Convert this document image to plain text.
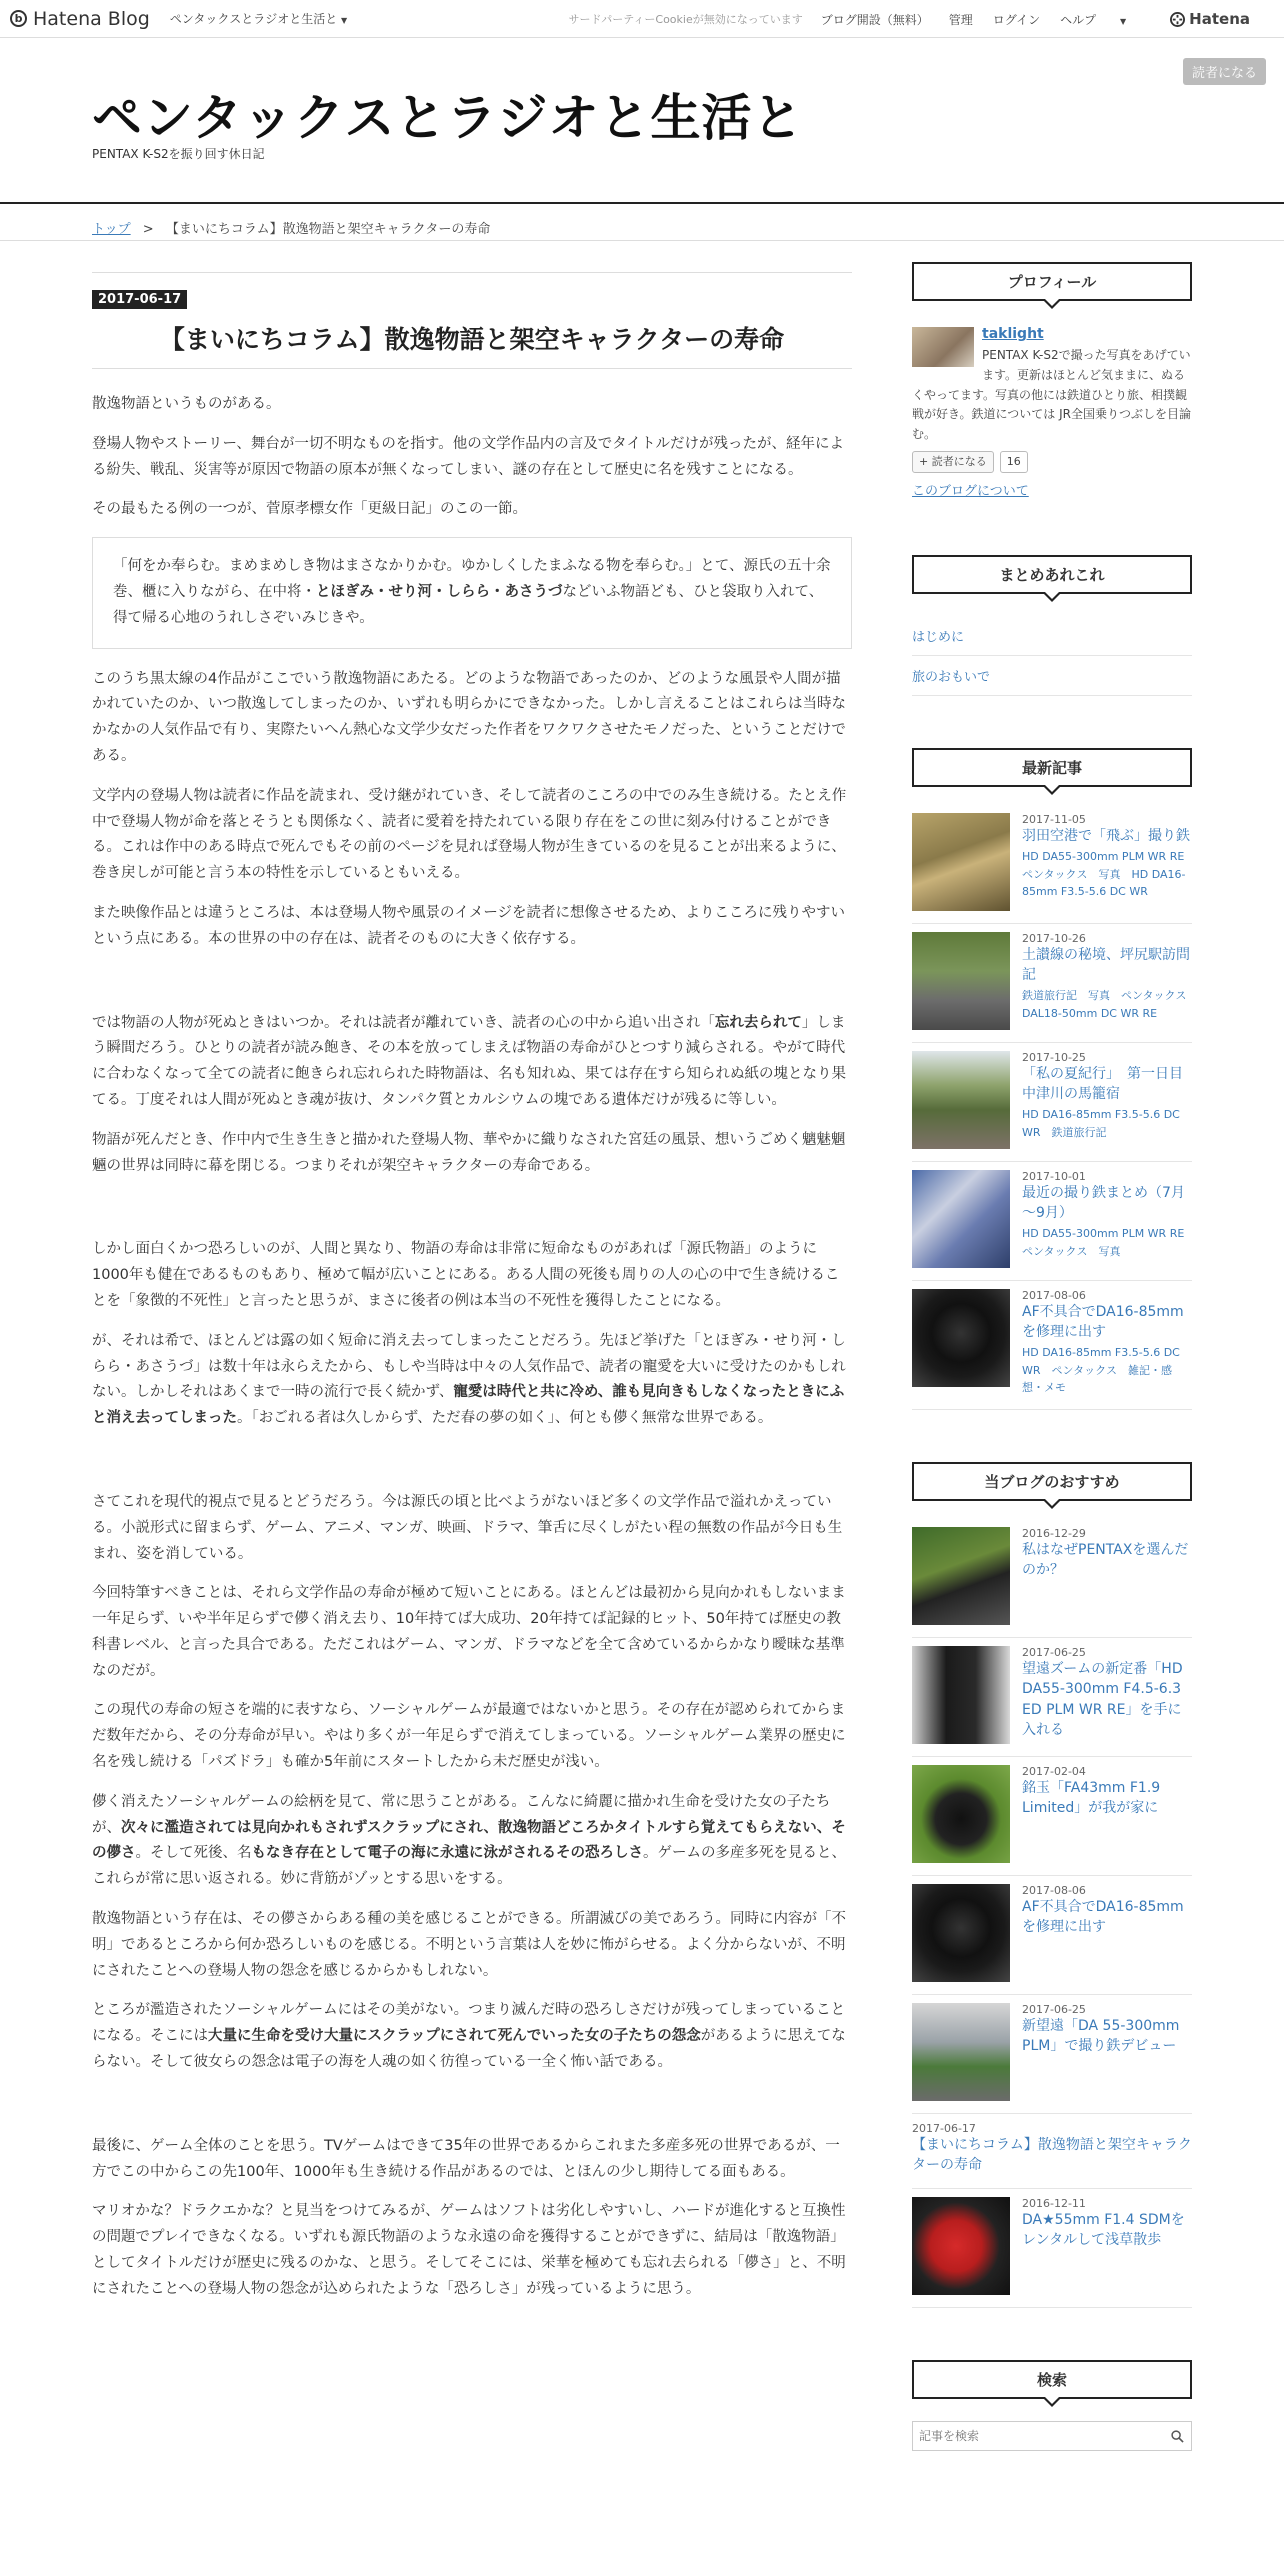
b Hatena Blog ペンタックスとラジオと生活と ▼	サードパーティーCookieが無効になっています ブログ開設（無料） 管理 ログイン ヘルプ	▼	Hatena
読者になる
ペンタックスとラジオと生活と
PENTAX K-S2を振り回す休日記
トップ > 【まいにちコラム】散逸物語と架空キャラクターの寿命
2017-06-17
【まいにちコラム】散逸物語と架空キャラクターの寿命

散逸物語というものがある。

登場人物やストーリー、舞台が一切不明なものを指す。他の文学作品内の言及でタイトルだけが残ったが、経年による紛失、戦乱、災害等が原因で物語の原本が無くなってしまい、謎の存在として歴史に名を残すことになる。

その最もたる例の一つが、菅原孝標女作「更級日記」のこの一節。

「何をか奉らむ。まめまめしき物はまさなかりかむ。ゆかしくしたまふなる物を奉らむ。」とて、源氏の五十余巻、櫃に入りながら、在中将・とほぎみ・せり河・しらら・あさうづなどいふ物語ども、ひと袋取り入れて、得て帰る心地のうれしさぞいみじきや。

このうち黒太線の4作品がここでいう散逸物語にあたる。どのような物語であったのか、どのような風景や人間が描かれていたのか、いつ散逸してしまったのか、いずれも明らかにできなかった。しかし言えることはこれらは当時なかなかの人気作品で有り、実際たいへん熱心な文学少女だった作者をワクワクさせたモノだった、ということだけである。

文学内の登場人物は読者に作品を読まれ、受け継がれていき、そして読者のこころの中でのみ生き続ける。たとえ作中で登場人物が命を落とそうとも関係なく、読者に愛着を持たれている限り存在をこの世に刻み付けることができる。これは作中のある時点で死んでもその前のページを見れば登場人物が生きているのを見ることが出来るように、巻き戻しが可能と言う本の特性を示しているともいえる。

また映像作品とは違うところは、本は登場人物や風景のイメージを読者に想像させるため、よりこころに残りやすいという点にある。本の世界の中の存在は、読者そのものに大きく依存する。

では物語の人物が死ぬときはいつか。それは読者が離れていき、読者の心の中から追い出され「忘れ去られて」しまう瞬間だろう。ひとりの読者が読み飽き、その本を放ってしまえば物語の寿命がひとつすり減らされる。やがて時代に合わなくなって全ての読者に飽きられ忘れられた時物語は、名も知れぬ、果ては存在すら知られぬ紙の塊となり果てる。丁度それは人間が死ぬとき魂が抜け、タンパク質とカルシウムの塊である遺体だけが残るに等しい。

物語が死んだとき、作中内で生き生きと描かれた登場人物、華やかに織りなされた宮廷の風景、想いうごめく魑魅魍魎の世界は同時に幕を閉じる。つまりそれが架空キャラクターの寿命である。

しかし面白くかつ恐ろしいのが、人間と異なり、物語の寿命は非常に短命なものがあれば「源氏物語」のように1000年も健在であるものもあり、極めて幅が広いことにある。ある人間の死後も周りの人の心の中で生き続けることを「象徴的不死性」と言ったと思うが、まさに後者の例は本当の不死性を獲得したことになる。

が、それは希で、ほとんどは露の如く短命に消え去ってしまったことだろう。先ほど挙げた「とほぎみ・せり河・しらら・あさうづ」は数十年は永らえたから、もしや当時は中々の人気作品で、読者の寵愛を大いに受けたのかもしれない。しかしそれはあくまで一時の流行で長く続かず、寵愛は時代と共に冷め、誰も見向きもしなくなったときにふと消え去ってしまった。「おごれる者は久しからず、ただ春の夢の如く」、何とも儚く無常な世界である。

さてこれを現代的視点で見るとどうだろう。今は源氏の頃と比べようがないほど多くの文学作品で溢れかえっている。小説形式に留まらず、ゲーム、アニメ、マンガ、映画、ドラマ、筆舌に尽くしがたい程の無数の作品が今日も生まれ、姿を消している。

今回特筆すべきことは、それら文学作品の寿命が極めて短いことにある。ほとんどは最初から見向かれもしないまま一年足らず、いや半年足らずで儚く消え去り、10年持てば大成功、20年持てば記録的ヒット、50年持てば歴史の教科書レベル、と言った具合である。ただこれはゲーム、マンガ、ドラマなどを全て含めているからかなり曖昧な基準なのだが。

この現代の寿命の短さを端的に表すなら、ソーシャルゲームが最適ではないかと思う。その存在が認められてからまだ数年だから、その分寿命が早い。やはり多くが一年足らずで消えてしまっている。ソーシャルゲーム業界の歴史に名を残し続ける「パズドラ」も確か5年前にスタートしたから未だ歴史が浅い。

儚く消えたソーシャルゲームの絵柄を見て、常に思うことがある。こんなに綺麗に描かれ生命を受けた女の子たちが、次々に濫造されては見向かれもされずスクラップにされ、散逸物語どころかタイトルすら覚えてもらえない、その儚さ。そして死後、名もなき存在として電子の海に永遠に泳がされるその恐ろしさ。ゲームの多産多死を見ると、これらが常に思い返される。妙に背筋がゾッとする思いをする。

散逸物語という存在は、その儚さからある種の美を感じることができる。所謂滅びの美であろう。同時に内容が「不明」であるところから何か恐ろしいものを感じる。不明という言葉は人を妙に怖がらせる。よく分からないが、不明にされたことへの登場人物の怨念を感じるからかもしれない。

ところが濫造されたソーシャルゲームにはその美がない。つまり滅んだ時の恐ろしさだけが残ってしまっていることになる。そこには大量に生命を受け大量にスクラップにされて死んでいった女の子たちの怨念があるように思えてならない。そして彼女らの怨念は電子の海を人魂の如く彷徨っている一全く怖い話である。

最後に、ゲーム全体のことを思う。TVゲームはできて35年の世界であるからこれまた多産多死の世界であるが、一方でこの中からこの先100年、1000年も生き続ける作品があるのでは、とほんの少し期待してる面もある。

マリオかな？ドラクエかな？と見当をつけてみるが、ゲームはソフトは劣化しやすいし、ハードが進化すると互換性の問題でプレイできなくなる。いずれも源氏物語のような永遠の命を獲得することができずに、結局は「散逸物語」としてタイトルだけが歴史に残るのかな、と思う。そしてそこには、栄華を極めても忘れ去られる「儚さ」と、不明にされたことへの登場人物の怨念が込められたような「恐ろしさ」が残っているように思う。

プロフィール
taklight
PENTAX K-S2で撮った写真をあげています。更新はほとんど気ままに、ぬるくやってます。写真の他には鉄道ひとり旅、相撲観戦が好き。鉄道については JR全国乗りつぶしを目論む。
+ 読者になる	16
このブログについて
まとめあれこれ
はじめに
旅のおもいで
最新記事
2017-11-05
羽田空港で「飛ぶ」撮り鉄
HD DA55-300mm PLM WR RE　ペンタックス　写真　HD DA16-85mm F3.5-5.6 DC WR
2017-10-26
土讃線の秘境、坪尻駅訪問記
鉄道旅行記　写真　ペンタックス　DAL18-50mm DC WR RE
2017-10-25
「私の夏紀行」　第一日目　中津川の馬籠宿
HD DA16-85mm F3.5-5.6 DC WR　鉄道旅行記
2017-10-01
最近の撮り鉄まとめ（7月～9月）
HD DA55-300mm PLM WR RE　ペンタックス　写真
2017-08-06
AF不具合でDA16-85mmを修理に出す
HD DA16-85mm F3.5-5.6 DC WR　ペンタックス　雑記・感想・メモ
当ブログのおすすめ
2016-12-29
私はなぜPENTAXを選んだのか？
2017-06-25
望遠ズームの新定番「HD DA55-300mm F4.5-6.3 ED PLM WR RE」を手に入れる
2017-02-04
銘玉「FA43mm F1.9 Limited」が我が家に
2017-08-06
AF不具合でDA16-85mmを修理に出す
2017-06-25
新望遠「DA 55-300mm PLM」で撮り鉄デビュー
2017-06-17
【まいにちコラム】散逸物語と架空キャラクターの寿命
2016-12-11
DA★55mm F1.4 SDMをレンタルして浅草散歩
検索
記事を検索
